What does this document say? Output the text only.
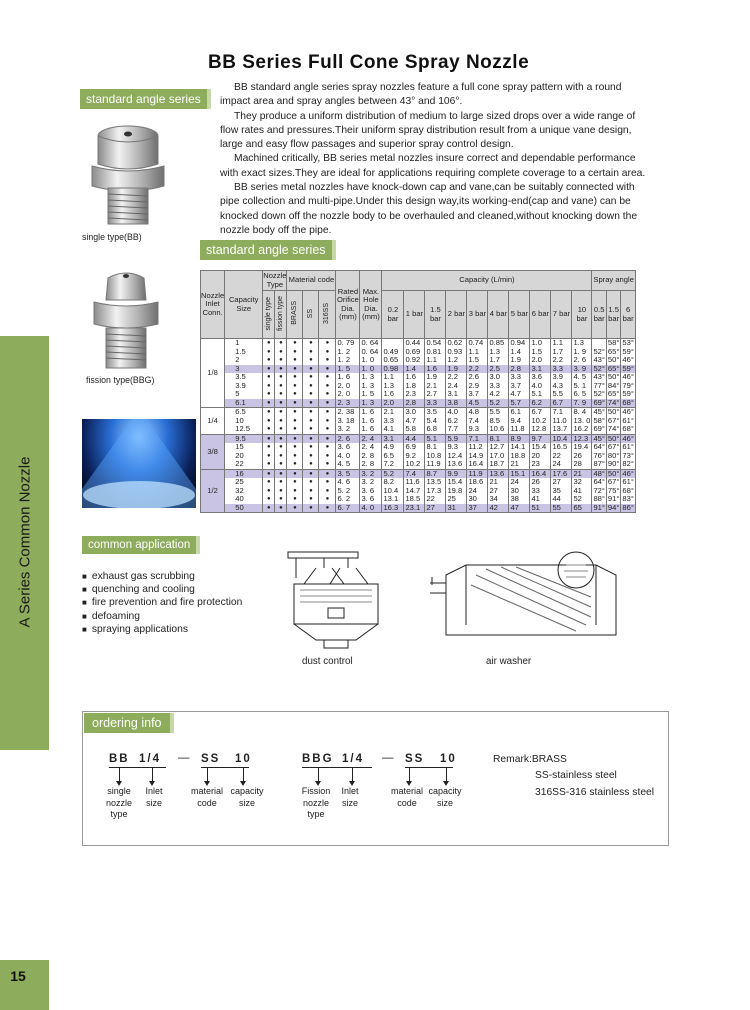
BB Series Full Cone Spray Nozzle
standard angle series

BB standard angle series spray nozzles feature a full cone spray pattern with a round impact area and spray angles between 43° and 106°.

They produce a uniform distribution of medium to large sized drops over a wide range of flow rates and pressures.Their uniform spray distribution result from a unique vane design, large and easy flow passages and superior spray control design.

Machined critically, BB series metal nozzles insure correct and dependable performance with exact sizes.They are ideal for applications requiring complete coverage to a certain area.

BB series metal nozzles have knock-down cap and vane,can be suitably connected with pipe collection and multi-pipe.Under this design way,its working-end(cap and vane) can be knocked down off the nozzle body to be overhauled and cleaned,without knocking down the nozzle body off the pipe.

single type(BB)
fission type(BBG)
A Series Common Nozzle
standard angle series
Nozzle Inlet Conn.	Capacity Size	Nozzle Type		Material code			Rated Orifice Dia. (mm)	Max. Hole Dia. (mm)	Capacity (L/min)										Spray angle		
		single type	fission type	BRASS	SS	316SS			0.2 bar	1 bar	1.5 bar	2 bar	3 bar	4 bar	5 bar	6 bar	7 bar	10 bar	0.5 bar	1.5 bar	6 bar

1/8	1	●	●	●	●	●	0. 79	0. 64		0.44	0.54	0.62	0.74	0.85	0.94	1.0	1.1	1.3		58°	53°
	1.5	●	●	●	●	●	1. 2	0. 64	0.49	0.69	0.81	0.93	1.1	1.3	1.4	1.5	1.7	1. 9	52°	65°	59°
	2	●	●	●	●	●	1. 2	1. 0	0.65	0.92	1.1	1.2	1.5	1.7	1.9	2.0	2.2	2. 6	43°	50°	46°
	3	●	●	●	●	●	1. 5	1. 0	0.98	1.4	1.6	1.9	2.2	2.5	2.8	3.1	3.3	3. 9	52°	65°	59°
	3.5	●	●	●	●	●	1. 6	1. 3	1.1	1.6	1.9	2.2	2.6	3.0	3.3	3.6	3.9	4. 5	43°	50°	46°
	3.9	●	●	●	●	●	2. 0	1. 3	1.3	1.8	2.1	2.4	2.9	3.3	3.7	4.0	4.3	5. 1	77°	84°	79°
	5	●	●	●	●	●	2. 0	1. 5	1.6	2.3	2.7	3.1	3.7	4.2	4.7	5.1	5.5	6. 5	52°	65°	59°
	6.1	●	●	●	●	●	2. 3	1. 3	2.0	2.8	3.3	3.8	4.5	5.2	5.7	6.2	6.7	7. 9	69°	74°	68°
1/4	6.5	●	●	●	●	●	2. 38	1. 6	2.1	3.0	3.5	4.0	4.8	5.5	6.1	6.7	7.1	8. 4	45°	50°	46°
	10	●	●	●	●	●	3. 18	1. 6	3.3	4.7	5.4	6.2	7.4	8.5	9.4	10.2	11.0	13. 0	58°	67°	61°
	12.5	●	●	●	●	●	3. 2	1. 6	4.1	5.8	6.8	7.7	9.3	10.6	11.8	12.8	13.7	16.2	69°	74°	68°
3/8	9.5	●	●	●	●	●	2. 6	2. 4	3.1	4.4	5.1	5.9	7.1	8.1	8.9	9.7	10.4	12.3	45°	50°	46°
	15	●	●	●	●	●	3. 6	2. 4	4.9	6.9	8.1	9.3	11.2	12.7	14.1	15.4	16.5	19.4	64°	67°	61°
	20	●	●	●	●	●	4. 0	2. 8	6.5	9.2	10.8	12.4	14.9	17.0	18.8	20	22	26	76°	80°	73°
	22	●	●	●	●	●	4. 5	2. 8	7.2	10.2	11.9	13.6	16.4	18.7	21	23	24	28	87°	90°	82°
1/2	16	●	●	●	●	●	3. 5	3. 2	5.2	7.4	8.7	9.9	11.9	13.6	15.1	16.4	17.6	21	48°	50°	46°
	25	●	●	●	●	●	4. 6	3. 2	8.2	11.6	13.5	15.4	18.6	21	24	26	27	32	64°	67°	61°
	32	●	●	●	●	●	5. 2	3. 6	10.4	14.7	17.3	19.8	24	27	30	33	35	41	72°	75°	68°
	40	●	●	●	●	●	6. 2	3. 6	13.1	18.5	22	25	30	34	38	41	44	52	88°	91°	83°
	50	●	●	●	●	●	6. 7	4. 0	16.3	23.1	27	31	37	42	47	51	55	65	91°	94°	86°
common application
■ exhaust gas scrubbing
■ quenching and cooling
■ fire prevention and fire protection
■ defoaming
■ spraying applications
dust control	air washer
ordering info
BB 1/4 — SS 10
single nozzle type
Inlet size
material code
capacity size
BBG 1/4 — SS 10
Fission nozzle type
Inlet size
material code
capacity size
Remark:BRASS
SS-stainless steel
316SS-316 stainless steel
15
